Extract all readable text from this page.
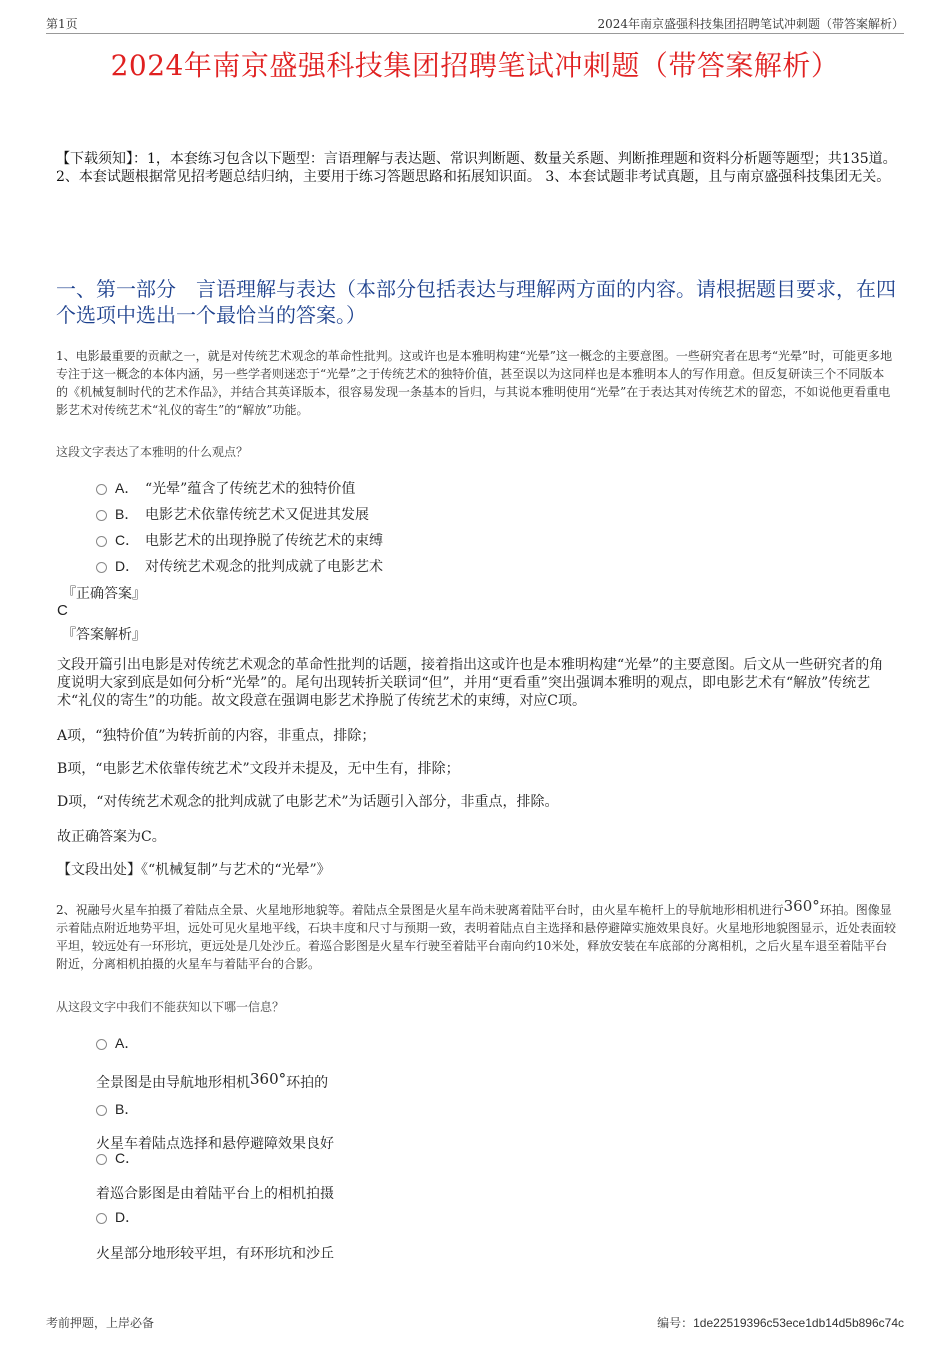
第1页	2024年南京盛强科技集团招聘笔试冲刺题（带答案解析）
2024年南京盛强科技集团招聘笔试冲刺题（带答案解析）
【下载须知】：1，本套练习包含以下题型：言语理解与表达题、常识判断题、数量关系题、判断推理题和资料分析题等题型；共135道。 2、本套试题根据常见招考题总结归纳，主要用于练习答题思路和拓展知识面。 3、本套试题非考试真题，且与南京盛强科技集团无关。
一、第一部分　言语理解与表达（本部分包括表达与理解两方面的内容。请根据题目要求，在四个选项中选出一个最恰当的答案。）
1、电影最重要的贡献之一，就是对传统艺术观念的革命性批判。这或许也是本雅明构建“光晕”这一概念的主要意图。一些研究者在思考“光晕”时，可能更多地专注于这一概念的本体内涵，另一些学者则迷恋于“光晕”之于传统艺术的独特价值，甚至误以为这同样也是本雅明本人的写作用意。但反复研读三个不同版本的《机械复制时代的艺术作品》，并结合其英译版本，很容易发现一条基本的旨归，与其说本雅明使用“光晕”在于表达其对传统艺术的留恋，不如说他更看重电影艺术对传统艺术“礼仪的寄生”的“解放”功能。
这段文字表达了本雅明的什么观点？
A． “光晕”蕴含了传统艺术的独特价值
B． 电影艺术依靠传统艺术又促进其发展
C． 电影艺术的出现挣脱了传统艺术的束缚
D． 对传统艺术观念的批判成就了电影艺术
『正确答案』
C
『答案解析』
文段开篇引出电影是对传统艺术观念的革命性批判的话题，接着指出这或许也是本雅明构建“光晕”的主要意图。后文从一些研究者的角度说明大家到底是如何分析“光晕”的。尾句出现转折关联词“但”，并用“更看重”突出强调本雅明的观点，即电影艺术有“解放”传统艺术“礼仪的寄生”的功能。故文段意在强调电影艺术挣脱了传统艺术的束缚，对应C项。
A项，“独特价值”为转折前的内容，非重点，排除；
B项，“电影艺术依靠传统艺术”文段并未提及，无中生有，排除；
D项，“对传统艺术观念的批判成就了电影艺术”为话题引入部分，非重点，排除。
故正确答案为C。
【文段出处】《“机械复制”与艺术的“光晕”》
2、祝融号火星车拍摄了着陆点全景、火星地形地貌等。着陆点全景图是火星车尚未驶离着陆平台时，由火星车桅杆上的导航地形相机进行360°环拍。图像显示着陆点附近地势平坦，远处可见火星地平线，石块丰度和尺寸与预期一致，表明着陆点自主选择和悬停避障实施效果良好。火星地形地貌图显示，近处表面较平坦，较远处有一环形坑，更远处是几处沙丘。着巡合影图是火星车行驶至着陆平台南向约10米处，释放安装在车底部的分离相机，之后火星车退至着陆平台附近，分离相机拍摄的火星车与着陆平台的合影。
从这段文字中我们不能获知以下哪一信息？
A．
全景图是由导航地形相机360°环拍的
B．
火星车着陆点选择和悬停避障效果良好
C．
着巡合影图是由着陆平台上的相机拍摄
D．
火星部分地形较平坦，有环形坑和沙丘
考前押题，上岸必备	编号：1de22519396c53ece1db14d5b896c74c
